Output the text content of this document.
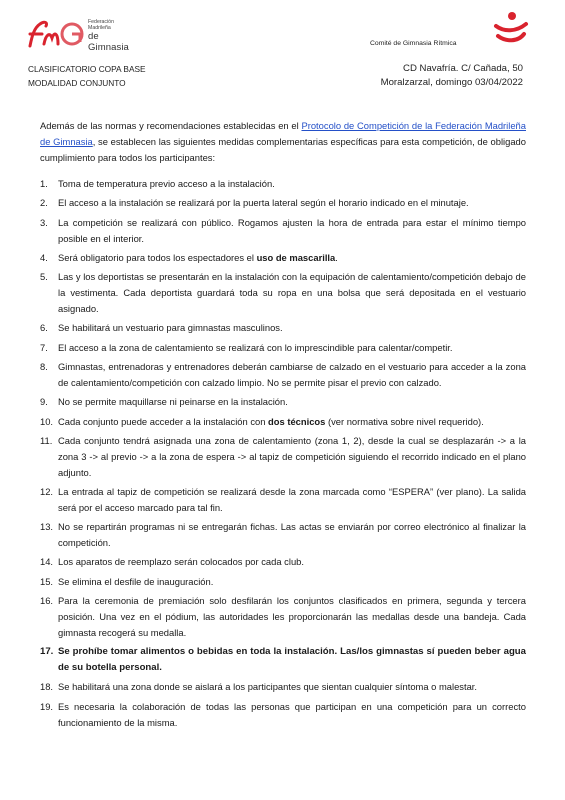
Federación Madrileña
de Gimnasia	Comité de Gimnasia Rítmica
CLASIFICATORIO COPA BASE
MODALIDAD CONJUNTO
CD Navafría. C/ Cañada, 50
Moralzarzal, domingo 03/04/2022
Además de las normas y recomendaciones establecidas en el Protocolo de Competición de la Federación Madrileña de Gimnasia, se establecen las siguientes medidas complementarias específicas para esta competición, de obligado cumplimiento para todos los participantes:
1. Toma de temperatura previo acceso a la instalación.
2. El acceso a la instalación se realizará por la puerta lateral según el horario indicado en el minutaje.
3. La competición se realizará con público. Rogamos ajusten la hora de entrada para estar el mínimo tiempo posible en el interior.
4. Será obligatorio para todos los espectadores el uso de mascarilla.
5. Las y los deportistas se presentarán en la instalación con la equipación de calentamiento/competición debajo de la vestimenta. Cada deportista guardará toda su ropa en una bolsa que será depositada en el vestuario asignado.
6. Se habilitará un vestuario para gimnastas masculinos.
7. El acceso a la zona de calentamiento se realizará con lo imprescindible para calentar/competir.
8. Gimnastas, entrenadoras y entrenadores deberán cambiarse de calzado en el vestuario para acceder a la zona de calentamiento/competición con calzado limpio. No se permite pisar el previo con calzado.
9. No se permite maquillarse ni peinarse en la instalación.
10. Cada conjunto puede acceder a la instalación con dos técnicos (ver normativa sobre nivel requerido).
11. Cada conjunto tendrá asignada una zona de calentamiento (zona 1, 2), desde la cual se desplazarán -> a la zona 3 -> al previo -> a la zona de espera -> al tapiz de competición siguiendo el recorrido indicado en el plano adjunto.
12. La entrada al tapiz de competición se realizará desde la zona marcada como “ESPERA” (ver plano). La salida será por el acceso marcado para tal fin.
13. No se repartirán programas ni se entregarán fichas. Las actas se enviarán por correo electrónico al finalizar la competición.
14. Los aparatos de reemplazo serán colocados por cada club.
15. Se elimina el desfile de inauguración.
16. Para la ceremonia de premiación solo desfilarán los conjuntos clasificados en primera, segunda y tercera posición. Una vez en el pódium, las autoridades les proporcionarán las medallas desde una bandeja. Cada gimnasta recogerá su medalla.
17. Se prohíbe tomar alimentos o bebidas en toda la instalación. Las/los gimnastas sí pueden beber agua de su botella personal.
18. Se habilitará una zona donde se aislará a los participantes que sientan cualquier síntoma o malestar.
19. Es necesaria la colaboración de todas las personas que participan en una competición para un correcto funcionamiento de la misma.
